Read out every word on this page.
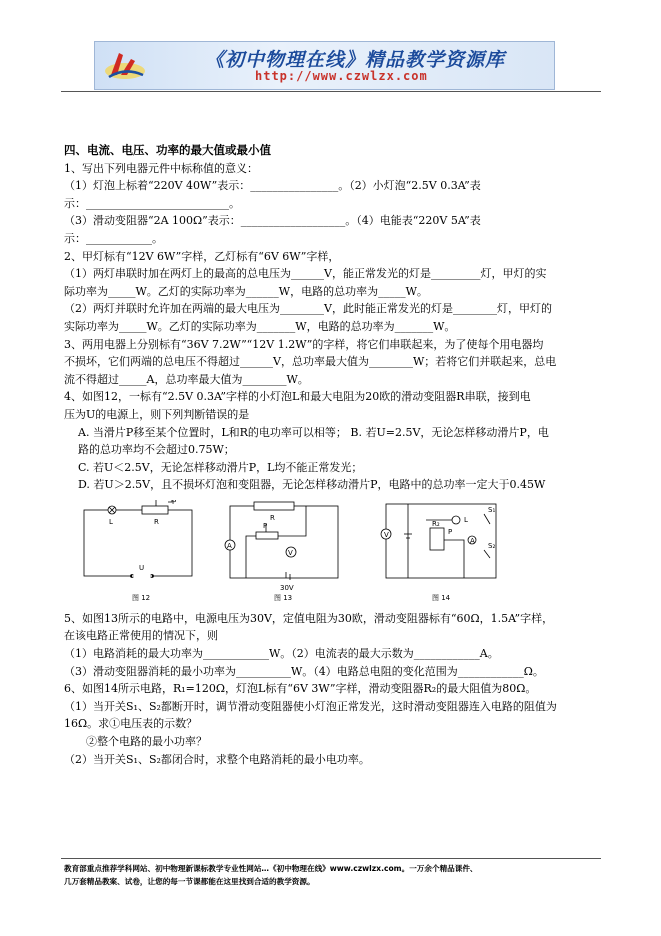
《初中物理在线》精品教学资源库
http://www.czwlzx.com

四、电流、电压、功率的最大值或最小值

1、写出下列电器元件中标称值的意义：

（1）灯泡上标着“220V 40W”表示：________________。（2）小灯泡“2.5V 0.3A”表

示：__________________________。

（3）滑动变阻器“2A 100Ω”表示：___________________。（4）电能表“220V 5A”表

示：____________。

2、甲灯标有“12V 6W”字样，乙灯标有“6V 6W”字样，

（1）两灯串联时加在两灯上的最高的总电压为______V，能正常发光的灯是_________灯，甲灯的实

际功率为_____W。乙灯的实际功率为______W，电路的总功率为_____W。

（2）两灯并联时允许加在两端的最大电压为________V，此时能正常发光的灯是________灯，甲灯的

实际功率为_____W。乙灯的实际功率为_______W，电路的总功率为_______W。

3、两用电器上分别标有“36V 7.2W”“12V 1.2W”的字样，将它们串联起来，为了使每个用电器均

不损坏，它们两端的总电压不得超过______V，总功率最大值为________W；若将它们并联起来，总电

流不得超过_____A，总功率最大值为________W。

4、如图12，一标有“2.5V 0.3A”字样的小灯泡L和最大电阻为20欧的滑动变阻器R串联，接到电

压为U的电源上，则下列判断错误的是

A. 当滑片P移至某个位置时，L和R的电功率可以相等； B. 若U=2.5V，无论怎样移动滑片P，电

路的总功率均不会超过0.75W；

C. 若U＜2.5V，无论怎样移动滑片P，L均不能正常发光；

D. 若U＞2.5V，且不损坏灯泡和变阻器，无论怎样移动滑片P，电路中的总功率一定大于0.45W

L
P
R
U
图 12
R
P
A
V
30V
图 13
L
S₁
R₂
P
S₂
A
V
图 14

5、如图13所示的电路中，电源电压为30V，定值电阻为30欧，滑动变阻器标有“60Ω，1.5A”字样，

在该电路正常使用的情况下，则

（1）电路消耗的最大功率为____________W。（2）电流表的最大示数为____________A。

（3）滑动变阻器消耗的最小功率为__________W。（4）电路总电阻的变化范围为____________Ω。

6、如图14所示电路，R₁=120Ω，灯泡L标有“6V 3W”字样，滑动变阻器R₂的最大阻值为80Ω。

（1）当开关S₁、S₂都断开时，调节滑动变阻器使小灯泡正常发光，这时滑动变阻器连入电路的阻值为

16Ω。求①电压表的示数？

②整个电路的最小功率？

（2）当开关S₁、S₂都闭合时，求整个电路消耗的最小电功率。

教育部重点推荐学科网站、初中物理新课标教学专业性网站…《初中物理在线》www.czwlzx.com。一万余个精品课件、

几万套精品教案、试卷，让您的每一节课都能在这里找到合适的教学资源。
